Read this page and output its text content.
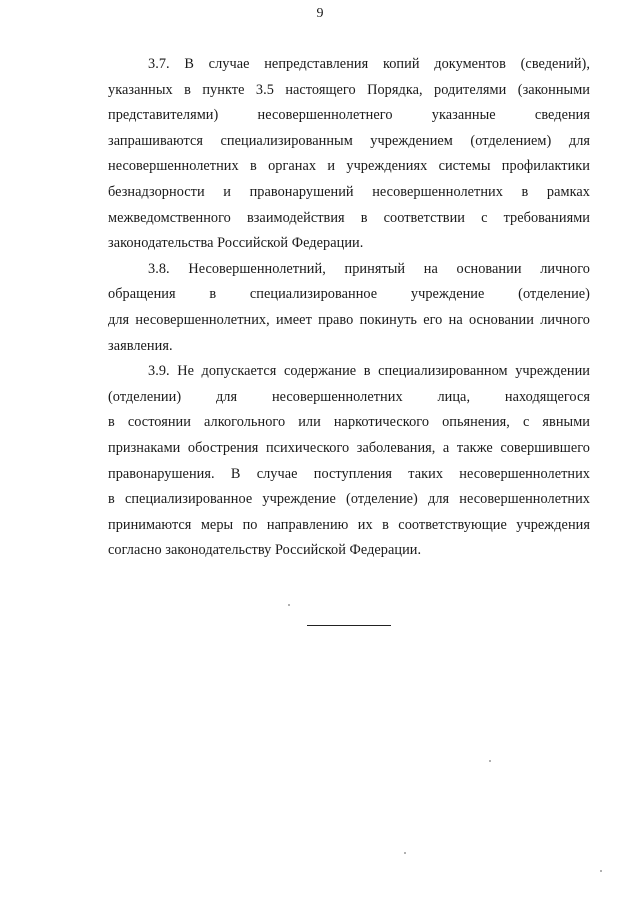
9

3.7. В случае непредставления копий документов (сведений),
указанных в пункте 3.5 настоящего Порядка, родителями (законными
представителями) несовершеннолетнего указанные сведения
запрашиваются специализированным учреждением (отделением) для
несовершеннолетних в органах и учреждениях системы профилактики
безнадзорности и правонарушений несовершеннолетних в рамках
межведомственного взаимодействия в соответствии с требованиями
законодательства Российской Федерации.

3.8. Несовершеннолетний, принятый на основании личного
обращения в специализированное учреждение (отделение)
для несовершеннолетних, имеет право покинуть его на основании личного
заявления.

3.9. Не допускается содержание в специализированном учреждении
(отделении) для несовершеннолетних лица, находящегося
в состоянии алкогольного или наркотического опьянения, с явными
признаками обострения психического заболевания, а также совершившего
правонарушения. В случае поступления таких несовершеннолетних
в специализированное учреждение (отделение) для несовершеннолетних
принимаются меры по направлению их в соответствующие учреждения
согласно законодательству Российской Федерации.
